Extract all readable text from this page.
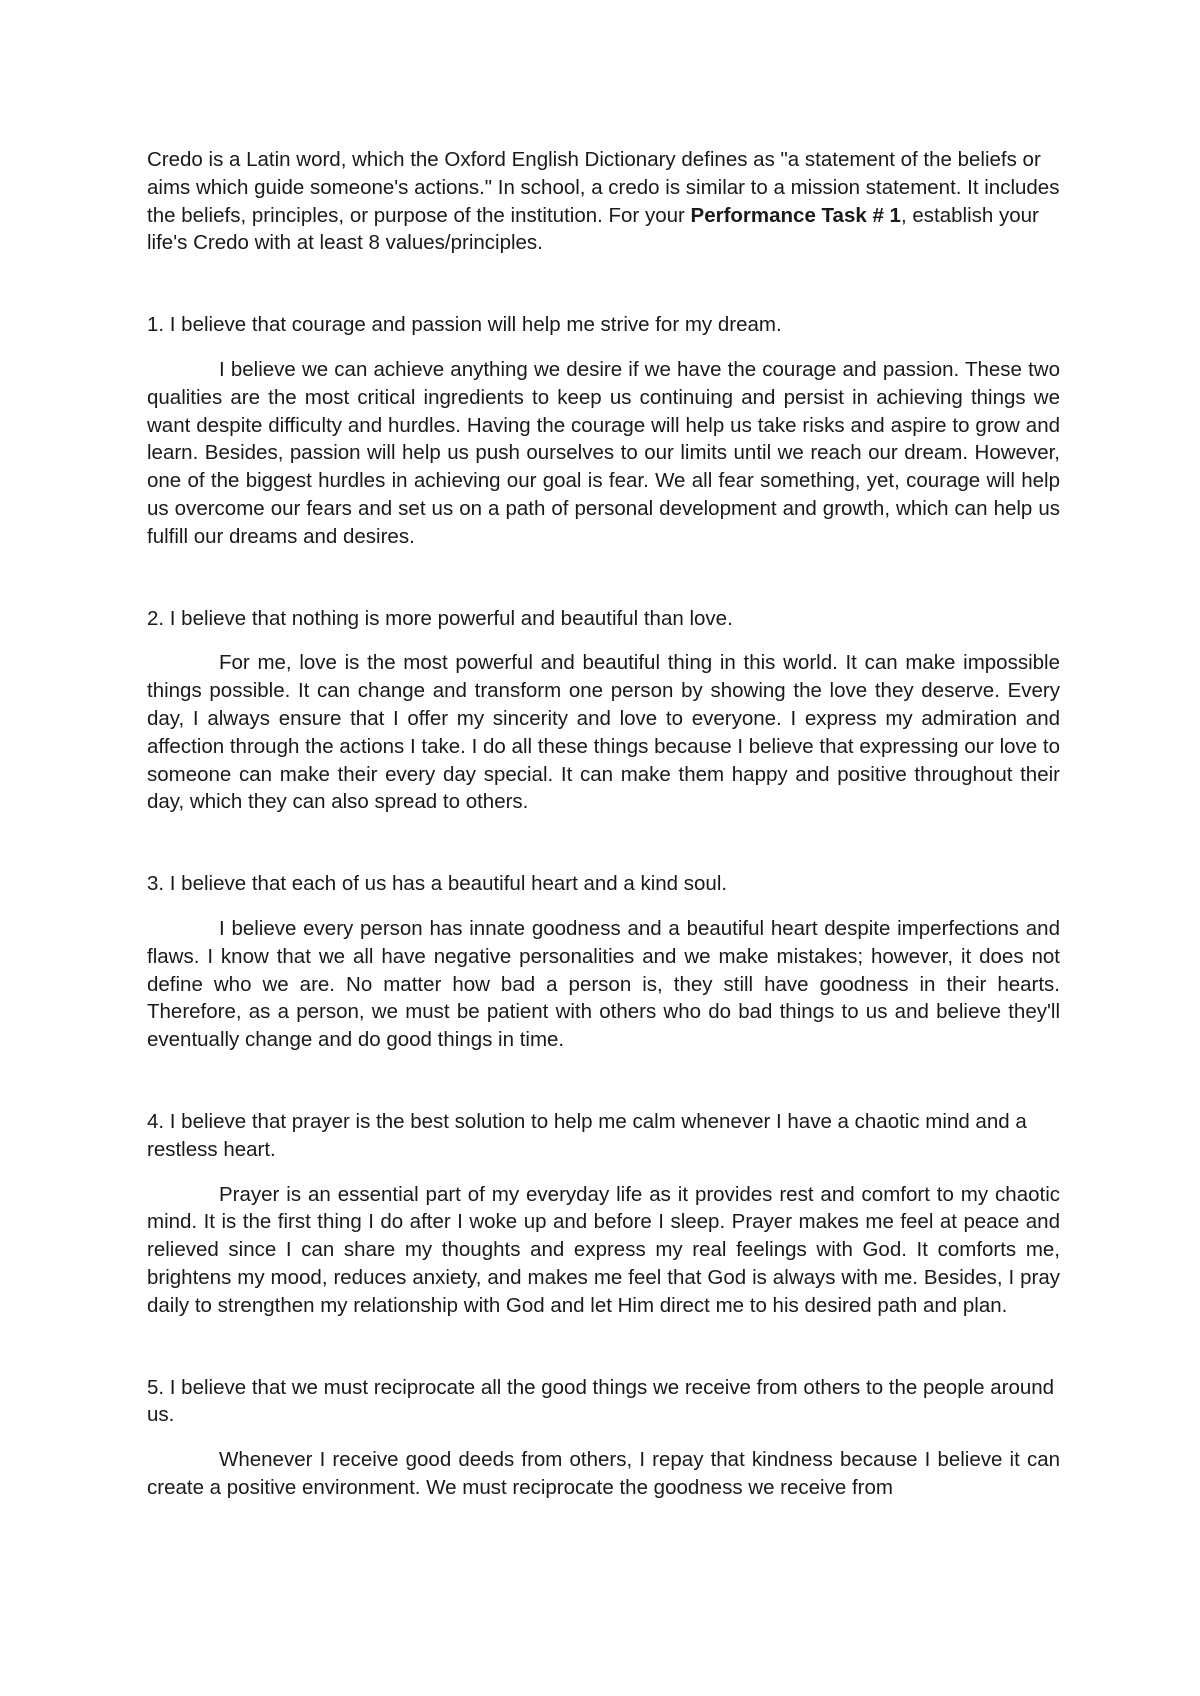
Credo is a Latin word, which the Oxford English Dictionary defines as "a statement of the beliefs or aims which guide someone's actions." In school, a credo is similar to a mission statement. It includes the beliefs, principles, or purpose of the institution. For your Performance Task # 1, establish your life's Credo with at least 8 values/principles.

1. I believe that courage and passion will help me strive for my dream.

I believe we can achieve anything we desire if we have the courage and passion. These two qualities are the most critical ingredients to keep us continuing and persist in achieving things we want despite difficulty and hurdles. Having the courage will help us take risks and aspire to grow and learn. Besides, passion will help us push ourselves to our limits until we reach our dream. However, one of the biggest hurdles in achieving our goal is fear. We all fear something, yet, courage will help us overcome our fears and set us on a path of personal development and growth, which can help us fulfill our dreams and desires.

2. I believe that nothing is more powerful and beautiful than love.

For me, love is the most powerful and beautiful thing in this world. It can make impossible things possible. It can change and transform one person by showing the love they deserve. Every day, I always ensure that I offer my sincerity and love to everyone. I express my admiration and affection through the actions I take. I do all these things because I believe that expressing our love to someone can make their every day special. It can make them happy and positive throughout their day, which they can also spread to others.

3. I believe that each of us has a beautiful heart and a kind soul.

I believe every person has innate goodness and a beautiful heart despite imperfections and flaws. I know that we all have negative personalities and we make mistakes; however, it does not define who we are. No matter how bad a person is, they still have goodness in their hearts. Therefore, as a person, we must be patient with others who do bad things to us and believe they'll eventually change and do good things in time.

4. I believe that prayer is the best solution to help me calm whenever I have a chaotic mind and a restless heart.

Prayer is an essential part of my everyday life as it provides rest and comfort to my chaotic mind. It is the first thing I do after I woke up and before I sleep. Prayer makes me feel at peace and relieved since I can share my thoughts and express my real feelings with God. It comforts me, brightens my mood, reduces anxiety, and makes me feel that God is always with me. Besides, I pray daily to strengthen my relationship with God and let Him direct me to his desired path and plan.

5. I believe that we must reciprocate all the good things we receive from others to the people around us.

Whenever I receive good deeds from others, I repay that kindness because I believe it can create a positive environment. We must reciprocate the goodness we receive from
